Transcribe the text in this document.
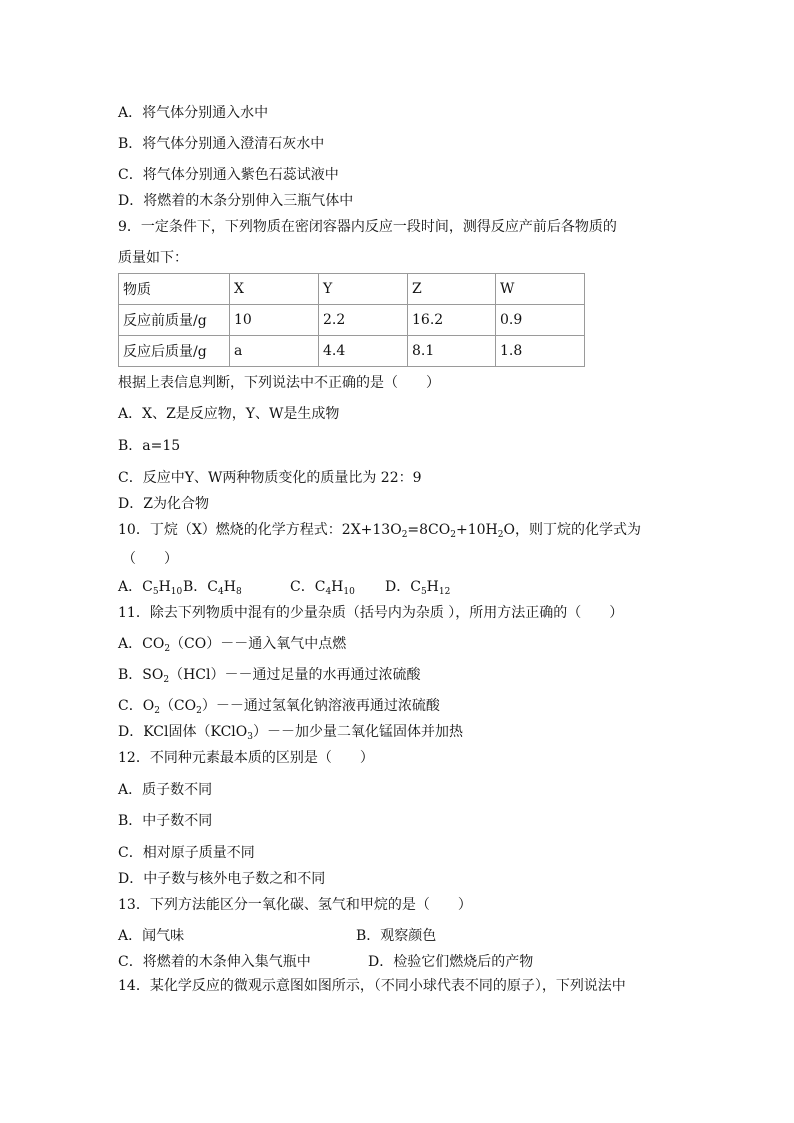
A．将气体分别通入水中
B．将气体分别通入澄清石灰水中
C．将气体分别通入紫色石蕊试液中
D．将燃着的木条分别伸入三瓶气体中
9．一定条件下，下列物质在密闭容器内反应一段时间，测得反应产前后各物质的
质量如下：
物质	X	Y	Z	W
反应前质量/g	10	2.2	16.2	0.9
反应后质量/g	a	4.4	8.1	1.8
根据上表信息判断，下列说法中不正确的是（　　）
A．X、Z是反应物，Y、W是生成物
B．a=15
C．反应中Y、W两种物质变化的质量比为 22：9
D．Z为化合物
10．丁烷（X）燃烧的化学方程式：$2X+13O_2=8CO_2+10H_2O$，则丁烷的化学式为
（　　）
A．$C_5H_{10}$ B．$C_4H_8$	C．$C_4H_{10}$ D．$C_5H_{12}$
11．除去下列物质中混有的少量杂质（括号内为杂质 ），所用方法正确的（　　）
A．$CO_2(CO)--$通入氧气中点燃
B．$SO_2(HCl)--$通过足量的水再通过浓硫酸
C．$O_2(CO_2)--$通过氢氧化钠溶液再通过浓硫酸
D．KCl固体（KClO$_3$）－－加少量二氧化锰固体并加热
12．不同种元素最本质的区别是（　　）
A．质子数不同
B．中子数不同
C．相对原子质量不同
D．中子数与核外电子数之和不同
13．下列方法能区分一氧化碳、氢气和甲烷的是（　　）
A．闻气味	B．观察颜色
C．将燃着的木条伸入集气瓶中	D．检验它们燃烧后的产物
14．某化学反应的微观示意图如图所示，（不同小球代表不同的原子），下列说法中
